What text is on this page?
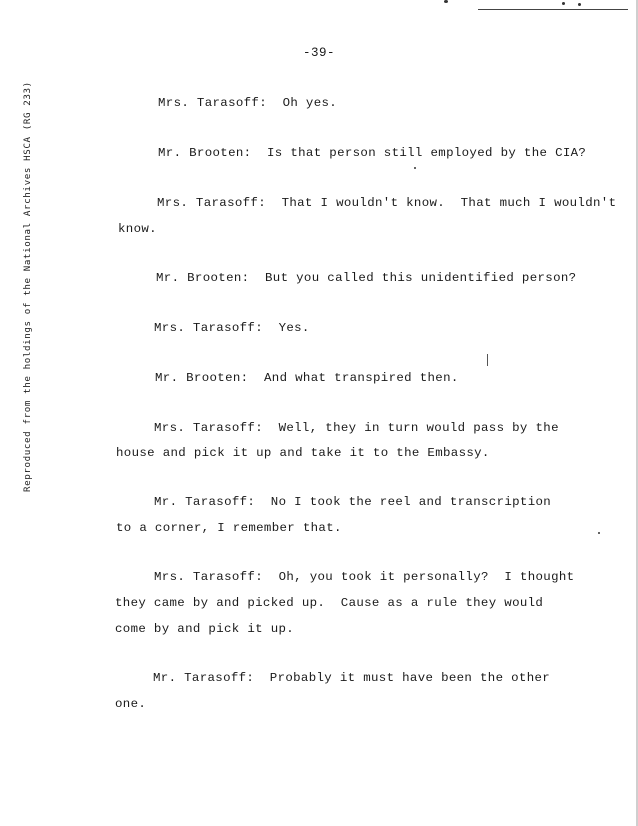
-39-
Reproduced from the holdings of the National Archives HSCA (RG 233)	Mrs. Tarasoff:  Oh yes.
Mr. Brooten:  Is that person still employed by the CIA?
Mrs. Tarasoff:  That I wouldn't know.  That much I wouldn't
know.
Mr. Brooten:  But you called this unidentified person?
Mrs. Tarasoff:  Yes.
Mr. Brooten:  And what transpired then.
Mrs. Tarasoff:  Well, they in turn would pass by the
house and pick it up and take it to the Embassy.
Mr. Tarasoff:  No I took the reel and transcription
to a corner, I remember that.
Mrs. Tarasoff:  Oh, you took it personally?  I thought
they came by and picked up.  Cause as a rule they would
come by and pick it up.
Mr. Tarasoff:  Probably it must have been the other
one.
